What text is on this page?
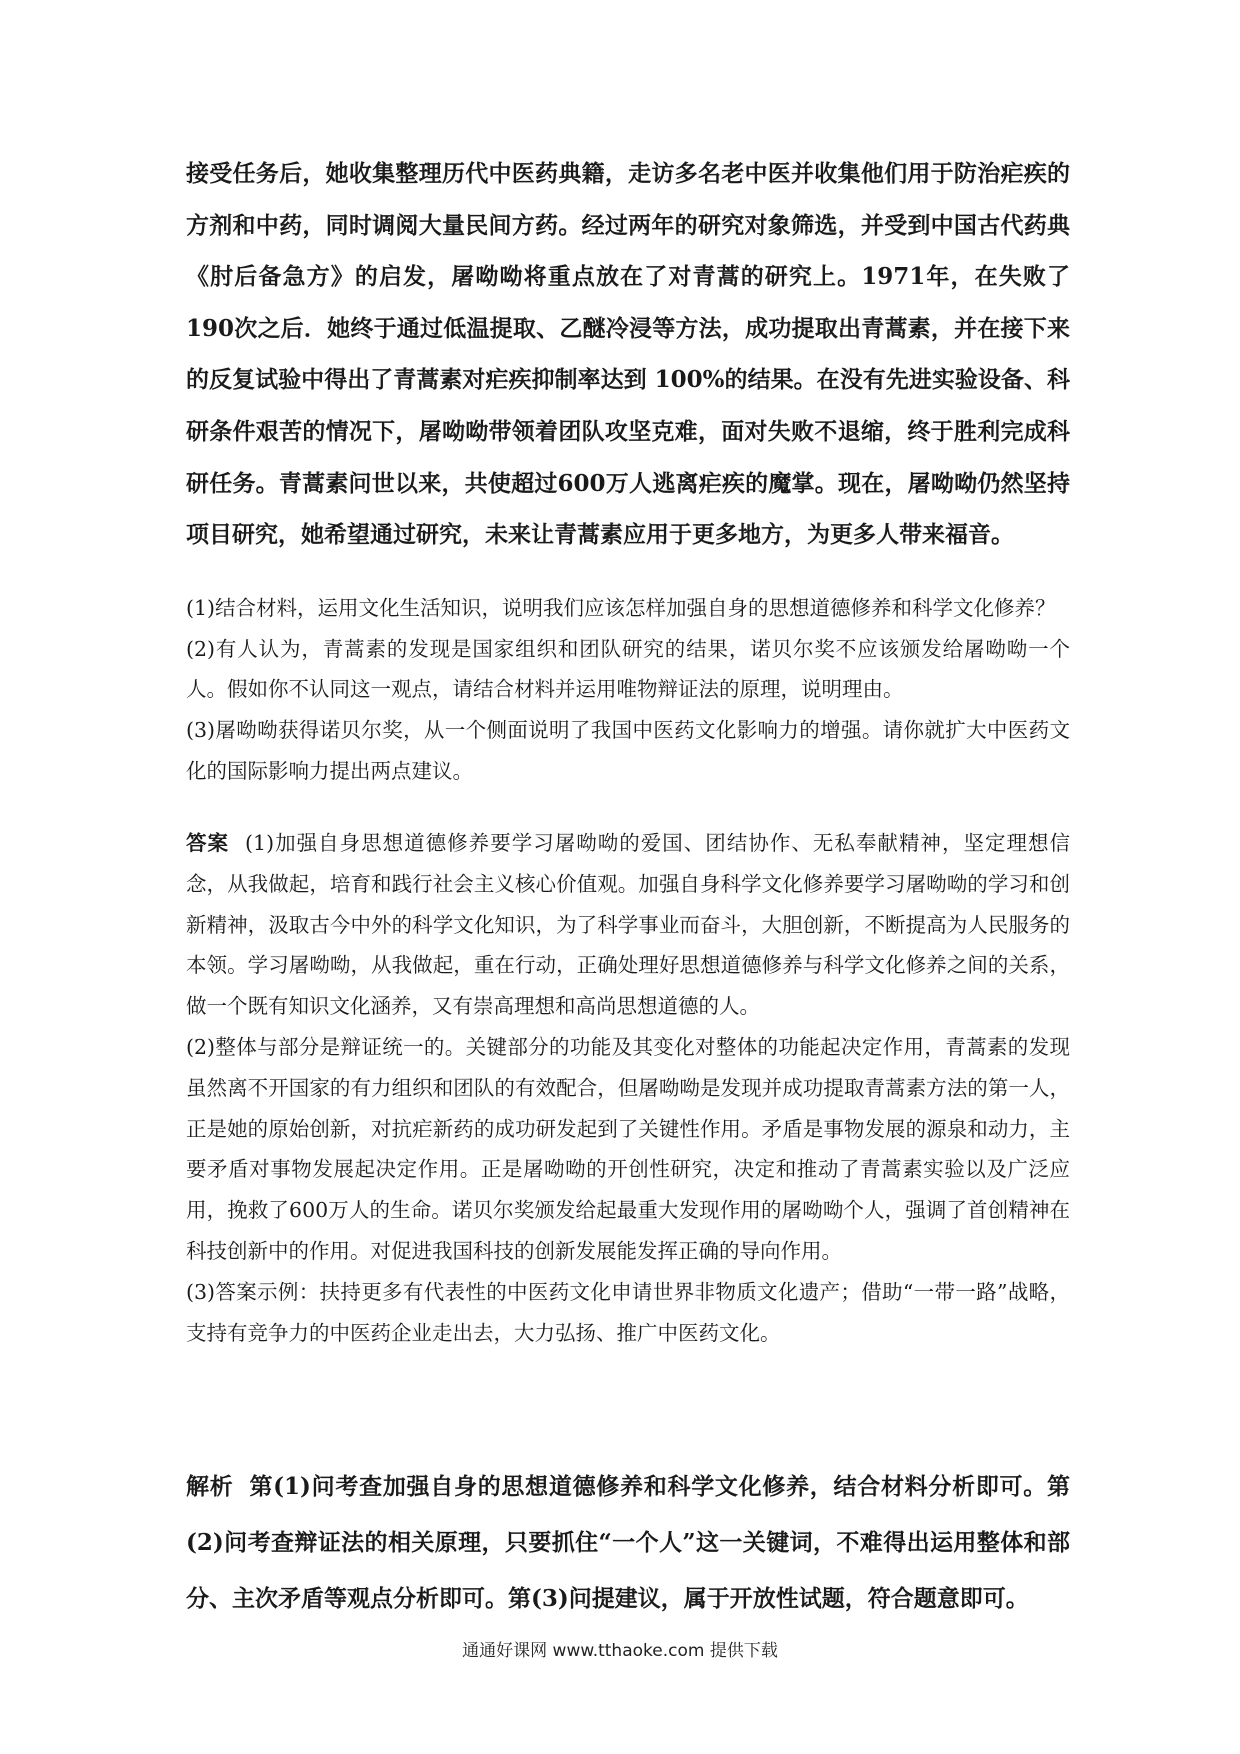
接受任务后，她收集整理历代中医药典籍，走访多名老中医并收集他们用于防治疟疾的方剂和中药，同时调阅大量民间方药。经过两年的研究对象筛选，并受到中国古代药典《肘后备急方》的启发，屠呦呦将重点放在了对青蒿的研究上。1971年，在失败了190次之后．她终于通过低温提取、乙醚冷浸等方法，成功提取出青蒿素，并在接下来的反复试验中得出了青蒿素对疟疾抑制率达到 100%的结果。在没有先进实验设备、科研条件艰苦的情况下，屠呦呦带领着团队攻坚克难，面对失败不退缩，终于胜利完成科研任务。青蒿素问世以来，共使超过600万人逃离疟疾的魔掌。现在，屠呦呦仍然坚持项目研究，她希望通过研究，未来让青蒿素应用于更多地方，为更多人带来福音。

(1)结合材料，运用文化生活知识，说明我们应该怎样加强自身的思想道德修养和科学文化修养？

(2)有人认为，青蒿素的发现是国家组织和团队研究的结果，诺贝尔奖不应该颁发给屠呦呦一个人。假如你不认同这一观点，请结合材料并运用唯物辩证法的原理，说明理由。

(3)屠呦呦获得诺贝尔奖，从一个侧面说明了我国中医药文化影响力的增强。请你就扩大中医药文化的国际影响力提出两点建议。

答案 (1)加强自身思想道德修养要学习屠呦呦的爱国、团结协作、无私奉献精神，坚定理想信念，从我做起，培育和践行社会主义核心价值观。加强自身科学文化修养要学习屠呦呦的学习和创新精神，汲取古今中外的科学文化知识，为了科学事业而奋斗，大胆创新，不断提高为人民服务的本领。学习屠呦呦，从我做起，重在行动，正确处理好思想道德修养与科学文化修养之间的关系，做一个既有知识文化涵养，又有崇高理想和高尚思想道德的人。

(2)整体与部分是辩证统一的。关键部分的功能及其变化对整体的功能起决定作用，青蒿素的发现虽然离不开国家的有力组织和团队的有效配合，但屠呦呦是发现并成功提取青蒿素方法的第一人，正是她的原始创新，对抗疟新药的成功研发起到了关键性作用。矛盾是事物发展的源泉和动力，主要矛盾对事物发展起决定作用。正是屠呦呦的开创性研究，决定和推动了青蒿素实验以及广泛应用，挽救了600万人的生命。诺贝尔奖颁发给起最重大发现作用的屠呦呦个人，强调了首创精神在科技创新中的作用。对促进我国科技的创新发展能发挥正确的导向作用。

(3)答案示例：扶持更多有代表性的中医药文化申请世界非物质文化遗产；借助“一带一路”战略，支持有竞争力的中医药企业走出去，大力弘扬、推广中医药文化。

解析 第(1)问考查加强自身的思想道德修养和科学文化修养，结合材料分析即可。第(2)问考查辩证法的相关原理，只要抓住“一个人”这一关键词，不难得出运用整体和部分、主次矛盾等观点分析即可。第(3)问提建议，属于开放性试题，符合题意即可。

通通好课网 www.tthaoke.com 提供下载
